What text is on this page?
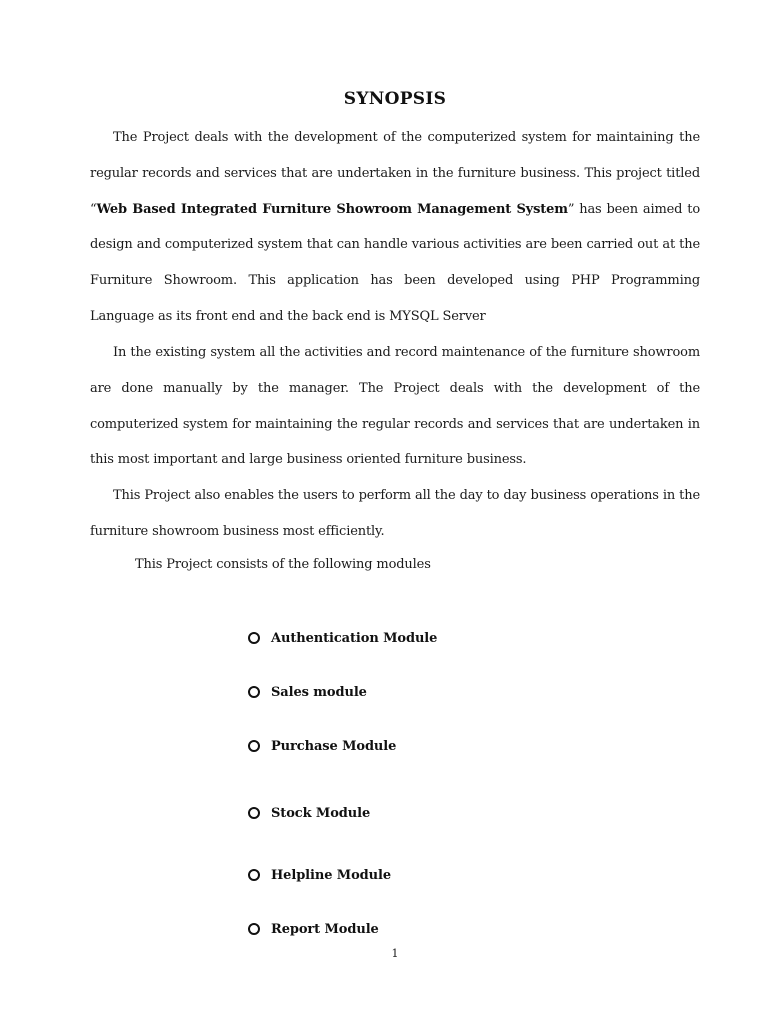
SYNOPSIS

The Project deals with the development of the computerized system for maintaining the regular records and services that are undertaken in the furniture business. This project titled “Web Based Integrated Furniture Showroom Management System” has been aimed to design and computerized system that can handle various activities are been carried out at the Furniture Showroom. This application has been developed using PHP Programming Language as its front end and the back end is MYSQL Server

In the existing system all the activities and record maintenance of the furniture showroom are done manually by the manager. The Project deals with the development of the computerized system for maintaining the regular records and services that are undertaken in this most important and large business oriented furniture business.

This Project also enables the users to perform all the day to day business operations in the furniture showroom business most efficiently.

This Project consists of the following modules
Authentication Module
Sales module
Purchase Module
Stock Module
Helpline Module
Report Module
1
